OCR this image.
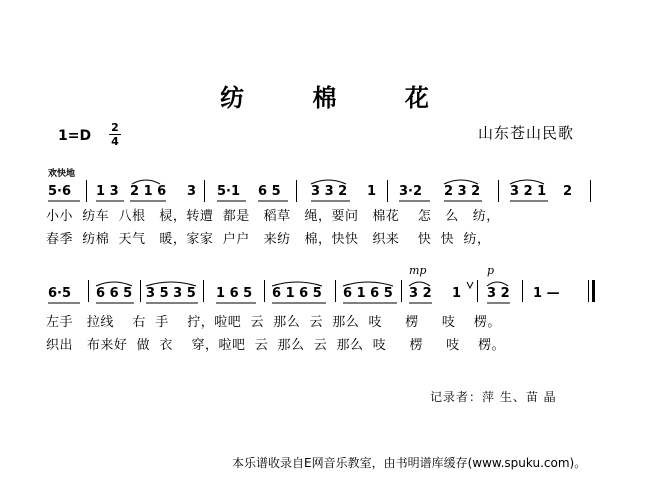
纺 棉 花
山东苍山民歌
1=D
2
4
欢快地
5·6 1 3 2 1 6 3 5·1 6 5 3 3 2 1 3·2 2 3 2 3 2 1 2
小小  纺车  八根   棂，转遭  都是   稻草   绳，要问   棉花    怎   么   纺，
春季  纺棉  天气   暖，家家  户户   来纺   棉，快快   织来    快  快  纺，
mp	p
6·5 6 6 5 3 5 3 5 1 6 5 6 1 6 5 6 1 6 5 3 2 1 3 2 1 —
左手   拉线    右  手    拧，啦吧  云  那么  云  那么  吱     楞     吱    楞。
织出   布来好  做  衣    穿，啦吧  云  那么  云  那么  吱     楞     吱    楞。
记录者：萍 生、苗 晶
本乐谱收录自E网音乐教室，由书明谱库缓存(www.spuku.com)。
